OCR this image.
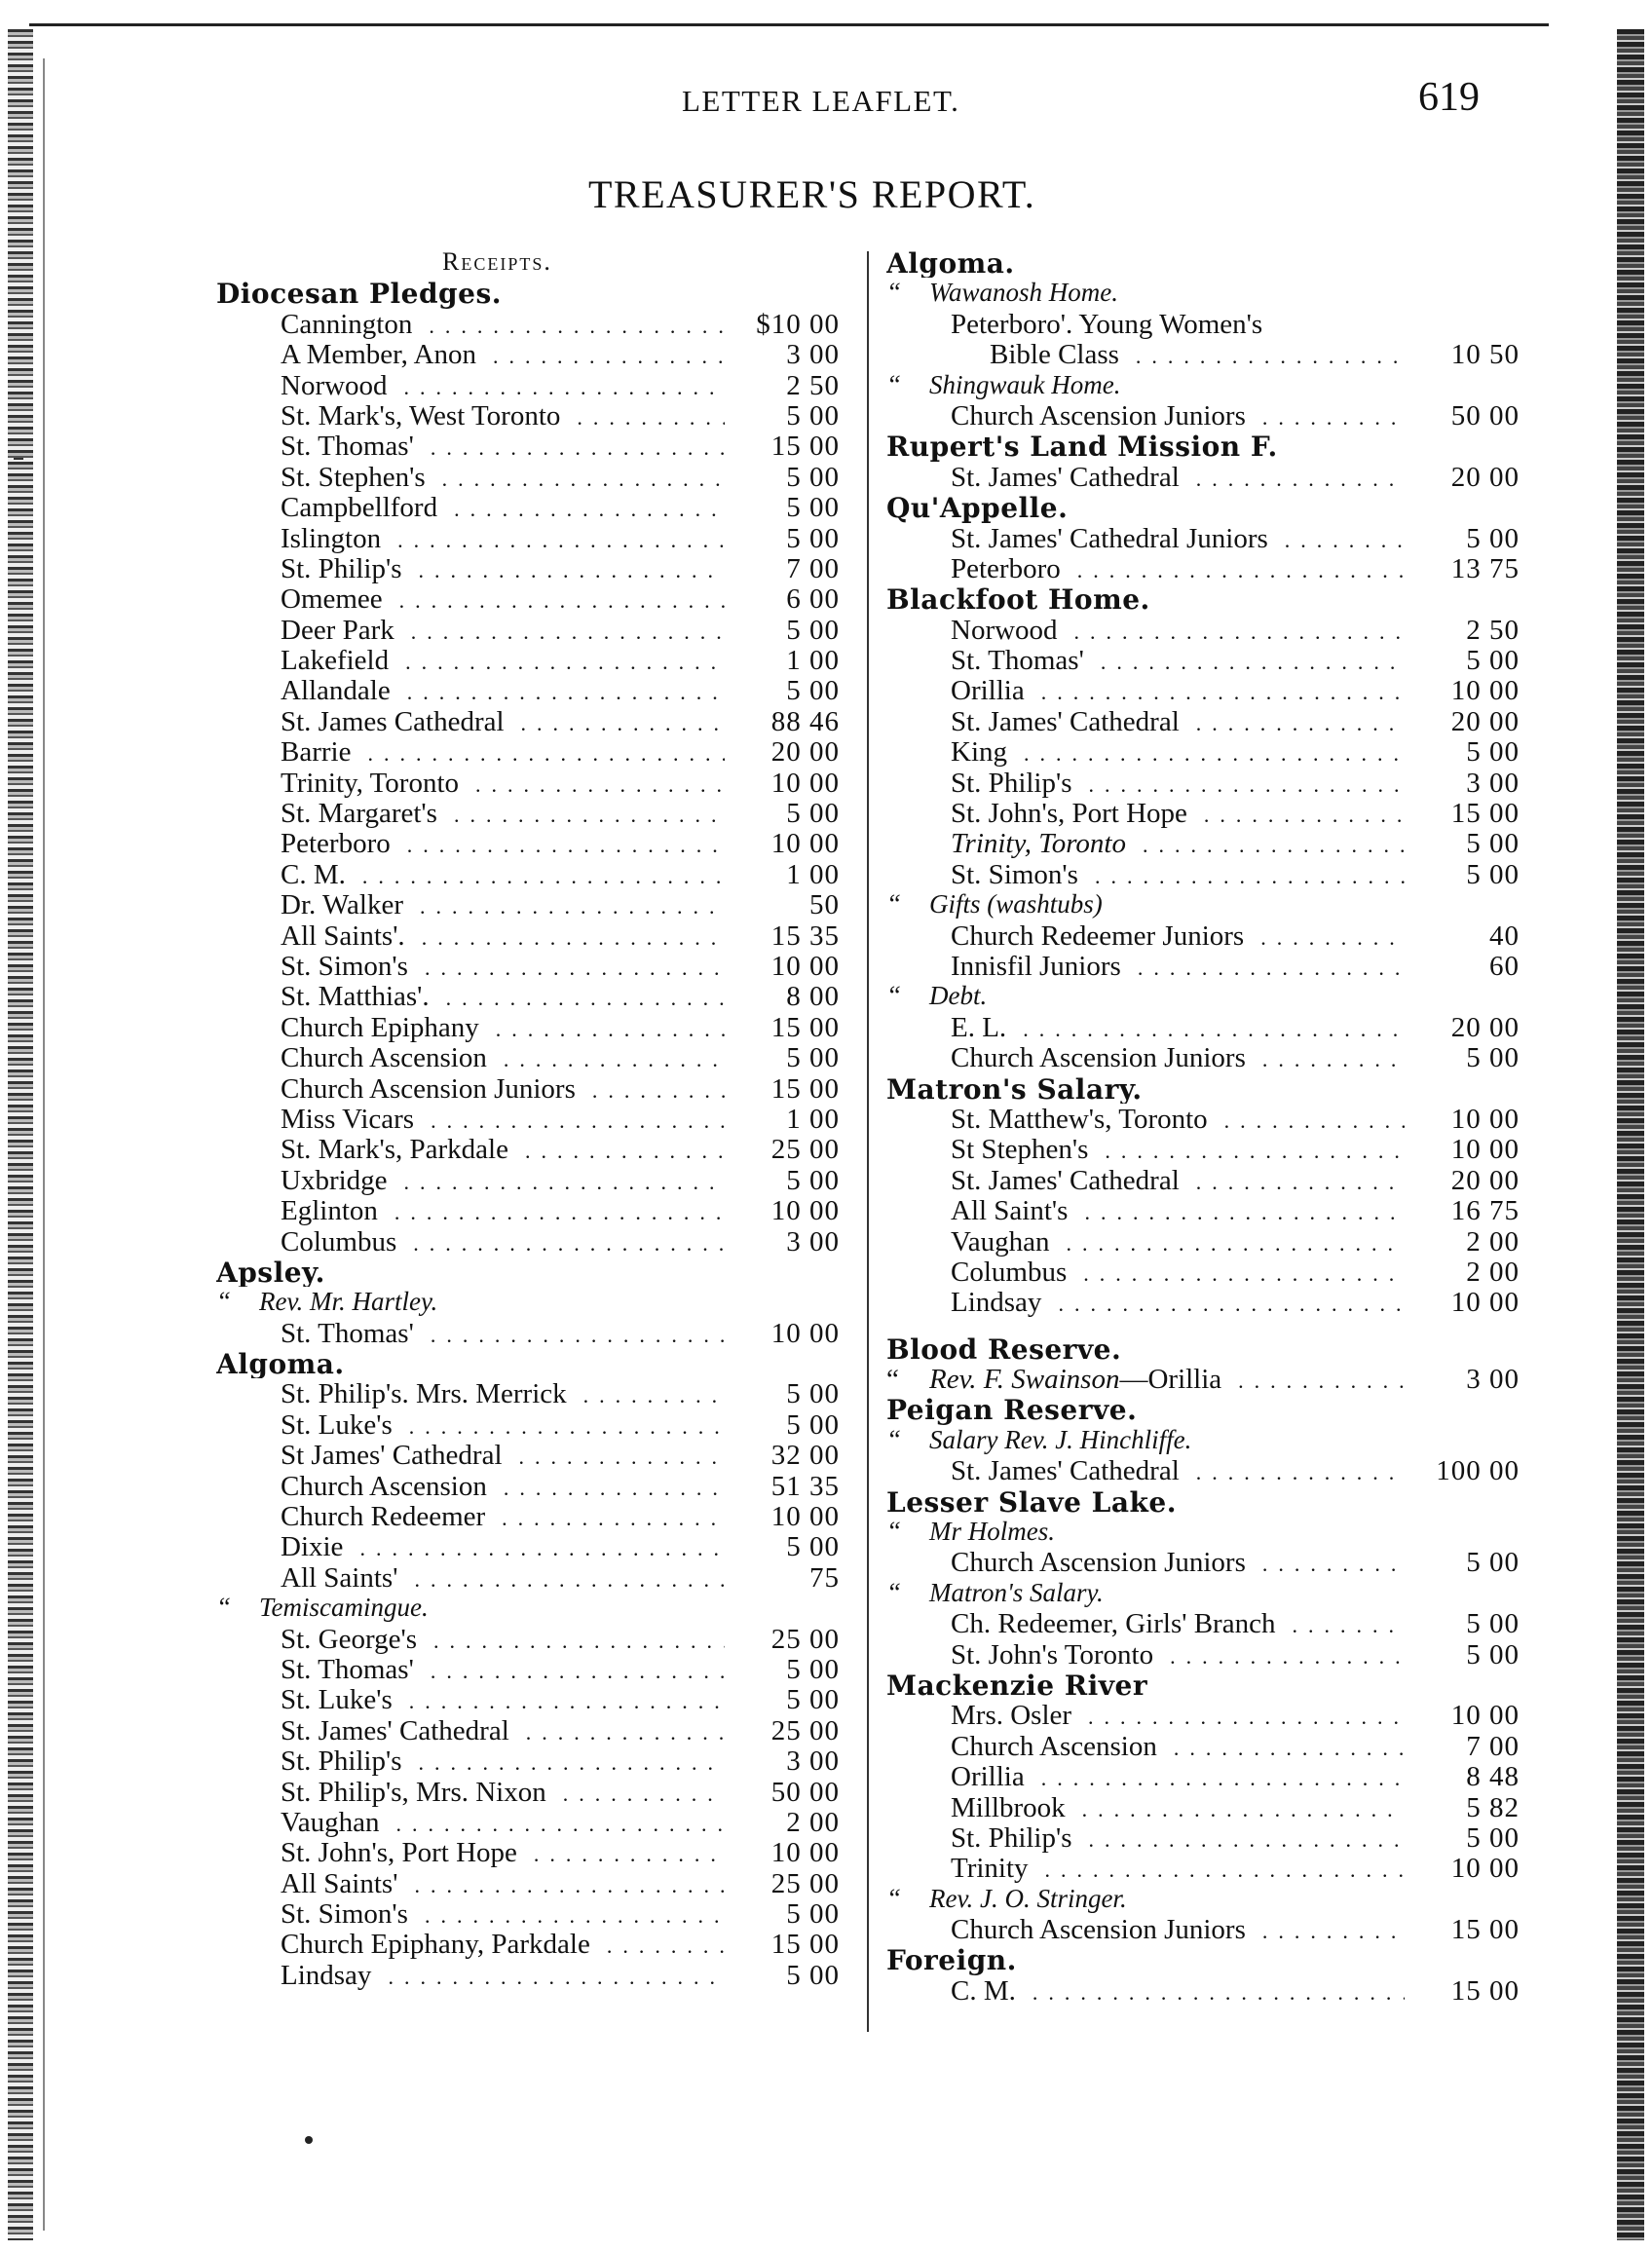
LETTER LEAFLET.	619
TREASURER'S REPORT.
Receipts.
Diocesan Pledges.
Cannington . .	$10 00
A Member, Anon . .	3 00
Norwood . .	2 50
St. Mark's, West Toronto . .	5 00
St. Thomas' . .	15 00
St. Stephen's . .	5 00
Campbellford . .	5 00
Islington . .	5 00
St. Philip's . .	7 00
Omemee . .	6 00
Deer Park . .	5 00
Lakefield . .	1 00
Allandale . .	5 00
St. James Cathedral . .	88 46
Barrie . .	20 00
Trinity, Toronto . .	10 00
St. Margaret's . .	5 00
Peterboro . .	10 00
C. M. . .	1 00
Dr. Walker . .	50
All Saints'. . .	15 35
St. Simon's . .	10 00
St. Matthias'. . .	8 00
Church Epiphany . .	15 00
Church Ascension . .	5 00
Church Ascension Juniors . .	15 00
Miss Vicars . .	1 00
St. Mark's, Parkdale . .	25 00
Uxbridge . .	5 00
Eglinton . .	10 00
Columbus . .	3 00
Apsley.
“	Rev. Mr. Hartley.
St. Thomas' . .	10 00
Algoma.
St. Philip's. Mrs. Merrick . .	5 00
St. Luke's . .	5 00
St James' Cathedral . .	32 00
Church Ascension . .	51 35
Church Redeemer . .	10 00
Dixie . .	5 00
All Saints' . .	75
“	Temiscamingue.
St. George's . .	25 00
St. Thomas' . .	5 00
St. Luke's . .	5 00
St. James' Cathedral . .	25 00
St. Philip's . .	3 00
St. Philip's, Mrs. Nixon . .	50 00
Vaughan . .	2 00
St. John's, Port Hope . .	10 00
All Saints' . .	25 00
St. Simon's . .	5 00
Church Epiphany, Parkdale . .	15 00
Lindsay . .	5 00
Algoma.
“	Wawanosh Home.
Peterboro'. Young Women's
Bible Class . .	10 50
“	Shingwauk Home.
Church Ascension Juniors . .	50 00
Rupert's Land Mission F.
St. James' Cathedral . .	20 00
Qu'Appelle.
St. James' Cathedral Juniors . .	5 00
Peterboro . .	13 75
Blackfoot Home.
Norwood . .	2 50
St. Thomas' . .	5 00
Orillia . .	10 00
St. James' Cathedral . .	20 00
King . .	5 00
St. Philip's . .	3 00
St. John's, Port Hope . .	15 00
Trinity, Toronto . .	5 00
St. Simon's . .	5 00
“	Gifts (washtubs)
Church Redeemer Juniors . .	40
Innisfil Juniors . .	60
“	Debt.
E. L. . .	20 00
Church Ascension Juniors . .	5 00
Matron's Salary.
St. Matthew's, Toronto . .	10 00
St Stephen's . .	10 00
St. James' Cathedral . .	20 00
All Saint's . .	16 75
Vaughan . .	2 00
Columbus . .	2 00
Lindsay . .	10 00
Blood Reserve.
“	Rev. F. Swainson —Orillia . .	3 00
Peigan Reserve.
“	Salary Rev. J. Hinchliffe.
St. James' Cathedral . .	100 00
Lesser Slave Lake.
“	Mr Holmes.
Church Ascension Juniors . .	5 00
“	Matron's Salary.
Ch. Redeemer, Girls' Branch . .	5 00
St. John's Toronto . .	5 00
Mackenzie River
Mrs. Osler . .	10 00
Church Ascension . .	7 00
Orillia . .	8 48
Millbrook . .	5 82
St. Philip's . .	5 00
Trinity . .	10 00
“	Rev. J. O. Stringer.
Church Ascension Juniors . .	15 00
Foreign.
C. M. . .	15 00
